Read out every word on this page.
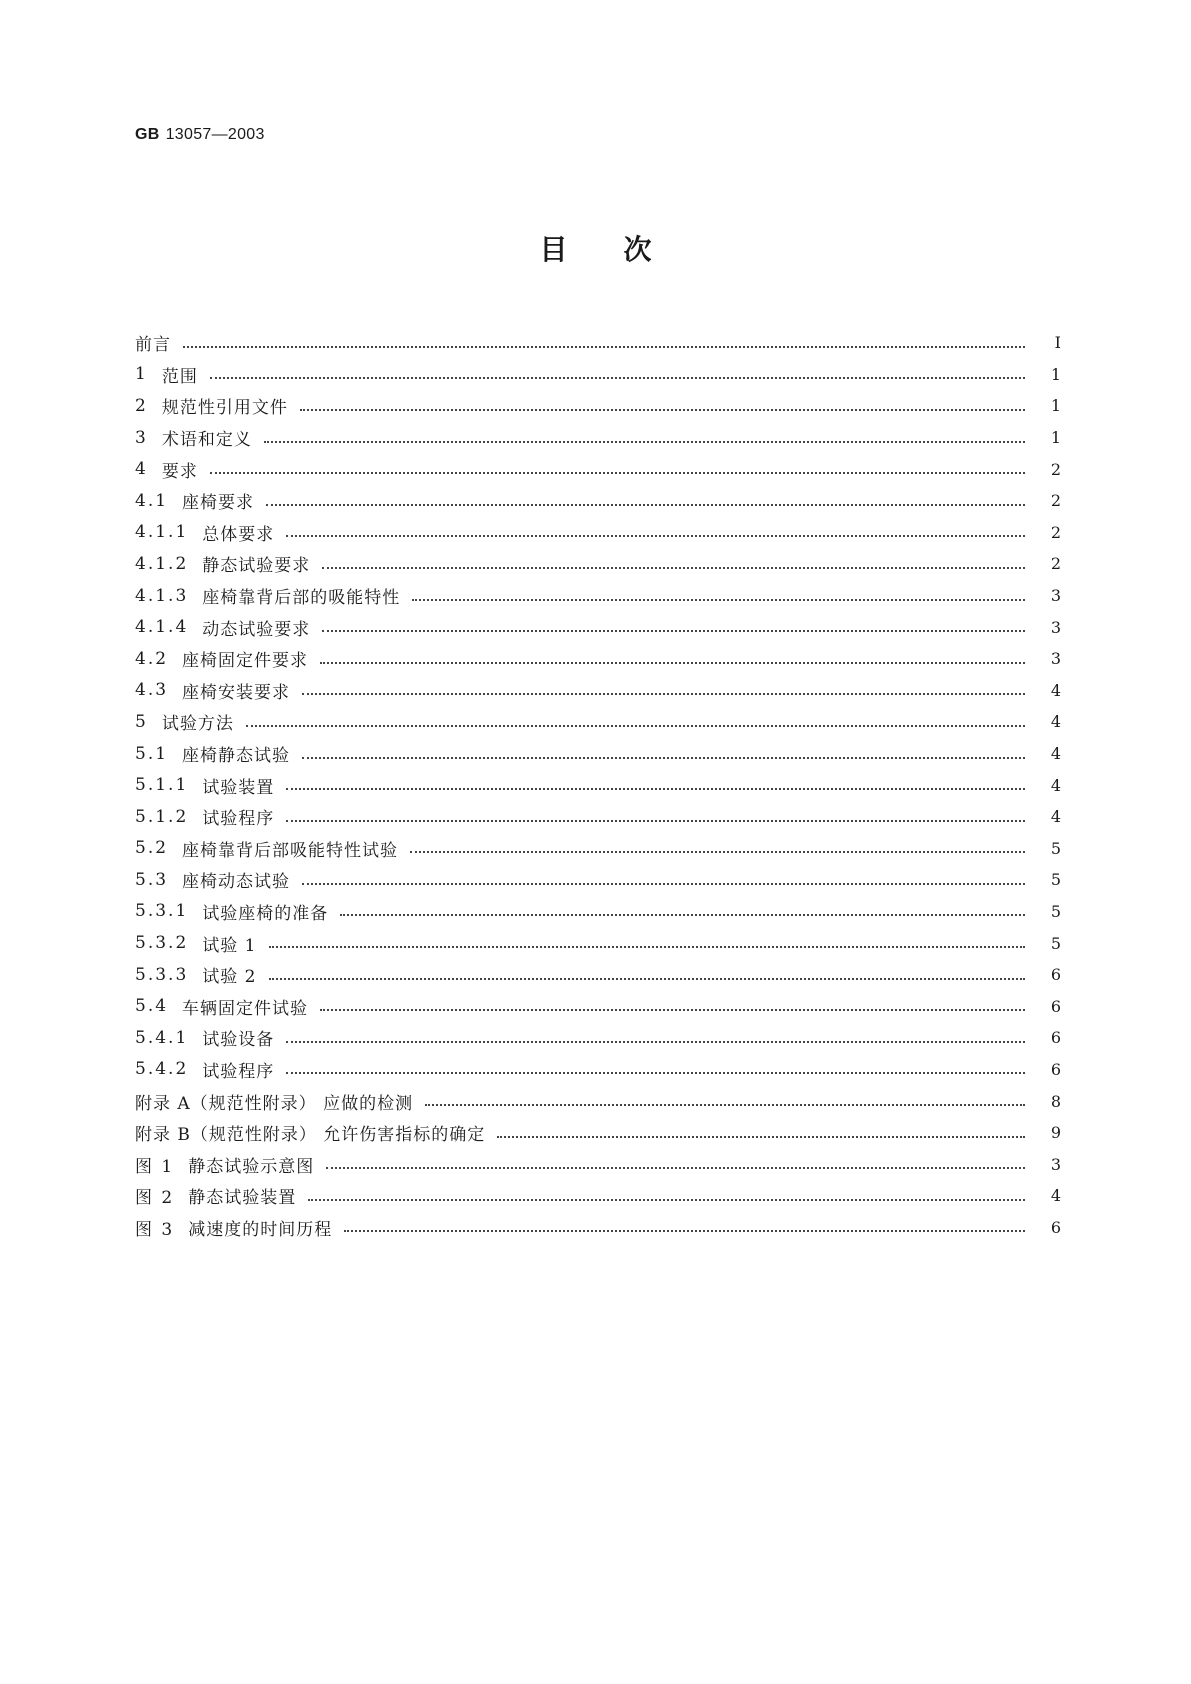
GB 13057—2003
目次
前言	I
1 范围	1
2 规范性引用文件	1
3 术语和定义	1
4 要求	2
4.1 座椅要求	2
4.1.1 总体要求	2
4.1.2 静态试验要求	2
4.1.3 座椅靠背后部的吸能特性	3
4.1.4 动态试验要求	3
4.2 座椅固定件要求	3
4.3 座椅安装要求	4
5 试验方法	4
5.1 座椅静态试验	4
5.1.1 试验装置	4
5.1.2 试验程序	4
5.2 座椅靠背后部吸能特性试验	5
5.3 座椅动态试验	5
5.3.1 试验座椅的准备	5
5.3.2 试验 1	5
5.3.3 试验 2	6
5.4 车辆固定件试验	6
5.4.1 试验设备	6
5.4.2 试验程序	6
附录 A（规范性附录） 应做的检测	8
附录 B（规范性附录） 允许伤害指标的确定	9
图 1 静态试验示意图	3
图 2 静态试验装置	4
图 3 减速度的时间历程	6
